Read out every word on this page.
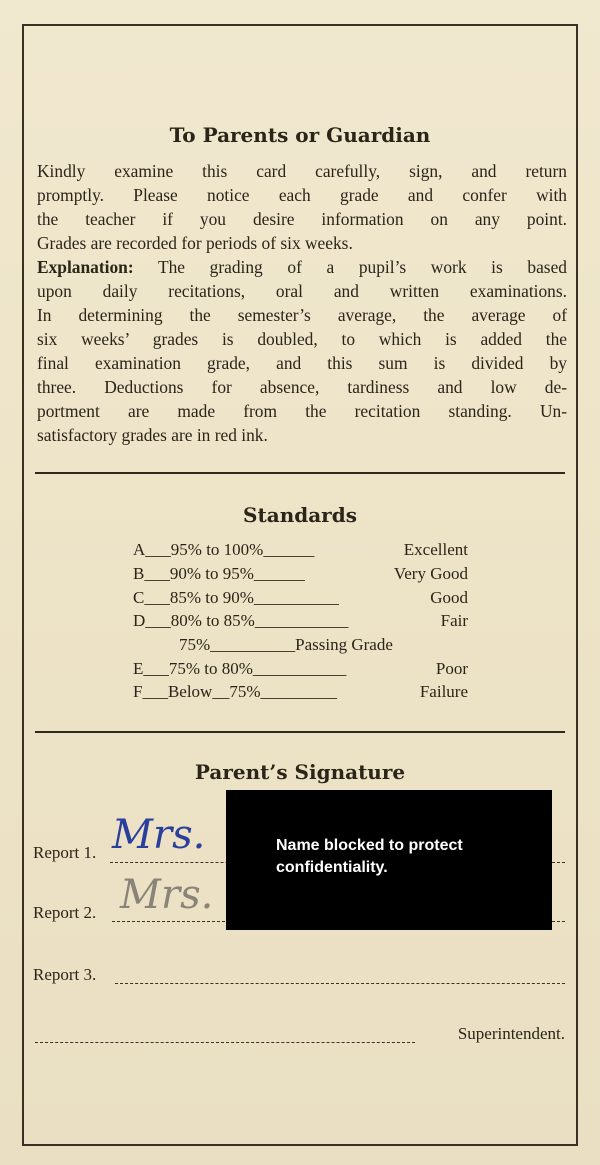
To Parents or Guardian
Kindly examine this card carefully, sign, and return
promptly. Please notice each grade and confer with
the teacher if you desire information on any point.
Grades are recorded for periods of six weeks.
Explanation: The grading of a pupil’s work is based
upon daily recitations, oral and written examinations.
In determining the semester’s average, the average of
six weeks’ grades is doubled, to which is added the
final examination grade, and this sum is divided by
three. Deductions for absence, tardiness and low de-
portment are made from the recitation standing. Un-
satisfactory grades are in red ink.
Standards
A___95% to 100%______	Excellent
B___90% to 95%______	Very Good
C___85% to 90%__________	Good
D___80% to 85%___________	Fair
75%__________Passing Grade
E___75% to 80%___________	Poor
F___Below__75%_________	Failure
Parent’s Signature
Report 1. Mrs.
Report 2. Mrs.
Report 3.
Superintendent.
Name blocked to protect confidentiality.
